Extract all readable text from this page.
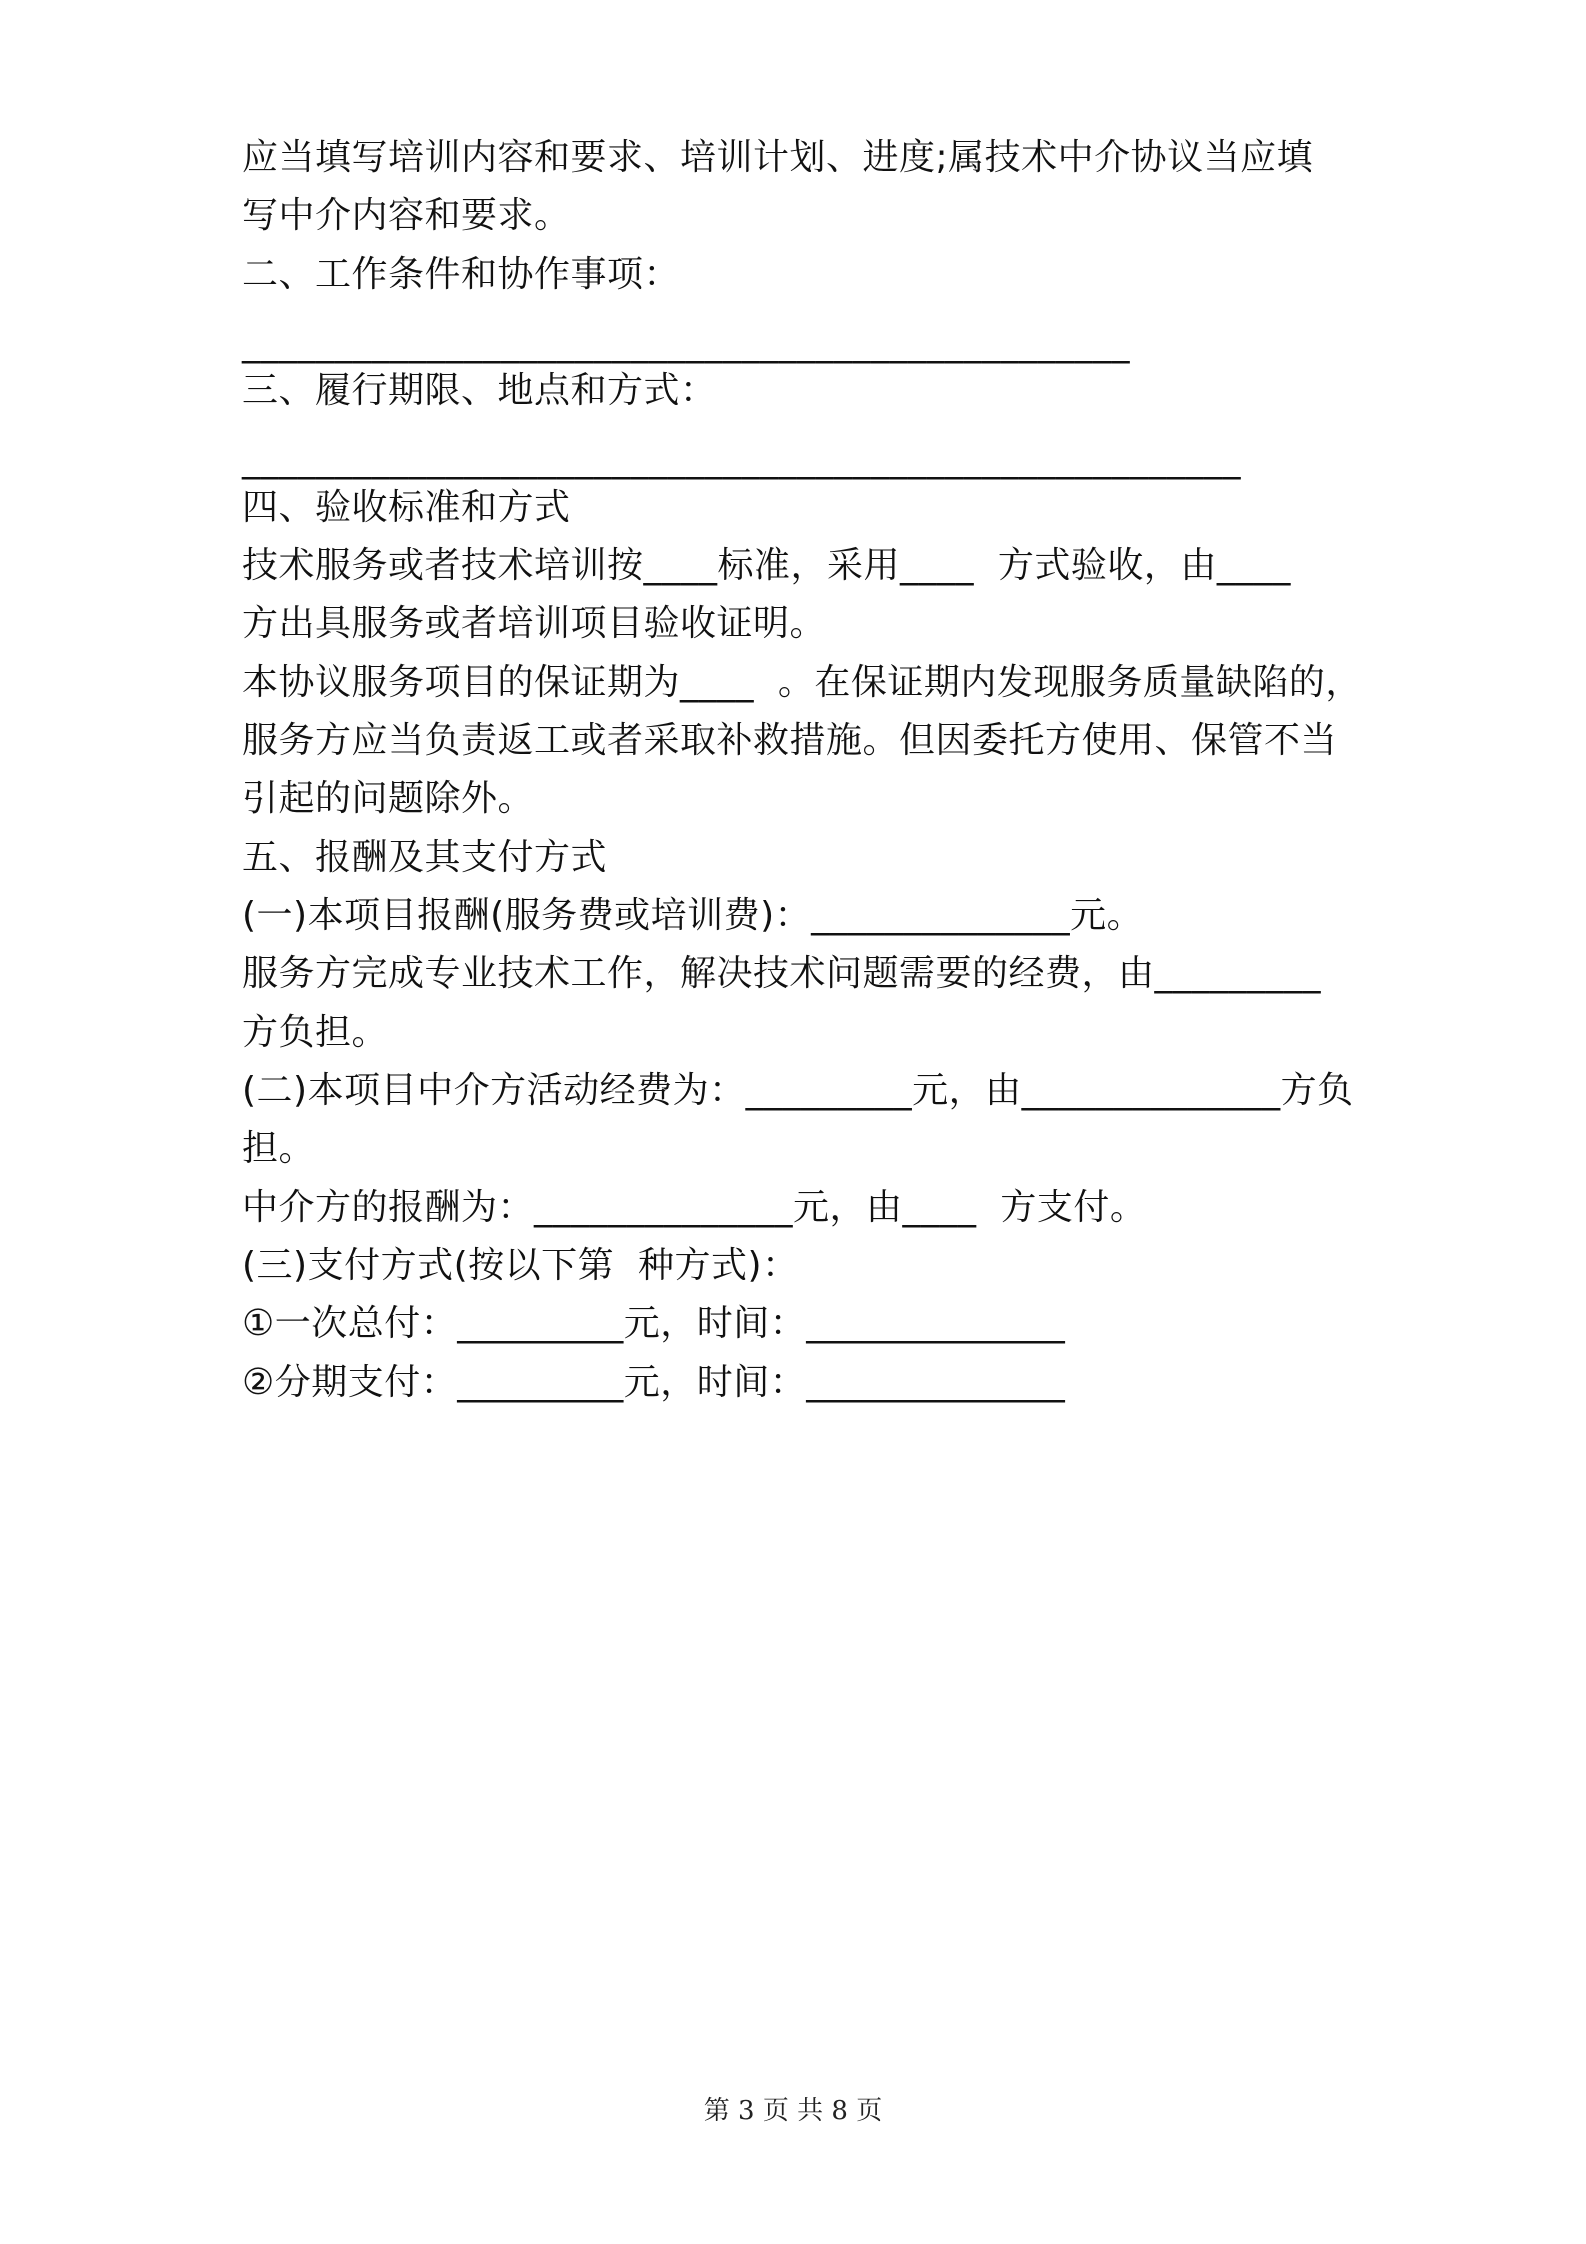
应当填写培训内容和要求、培训计划、进度;属技术中介协议当应填
写中介内容和要求。
二、工作条件和协作事项：
________________________________________________
三、履行期限、地点和方式：
______________________________________________________
四、验收标准和方式
技术服务或者技术培训按____标准，采用____  方式验收，由____
方出具服务或者培训项目验收证明。
本协议服务项目的保证期为____  。在保证期内发现服务质量缺陷的，
服务方应当负责返工或者采取补救措施。但因委托方使用、保管不当
引起的问题除外。
五、报酬及其支付方式
(一)本项目报酬(服务费或培训费)：______________元。
服务方完成专业技术工作，解决技术问题需要的经费，由_________
方负担。
(二)本项目中介方活动经费为：_________元，由______________方负
担。
中介方的报酬为：______________元，由____  方支付。
(三)支付方式(按以下第  种方式)：
①一次总付：_________元，时间：______________
②分期支付：_________元，时间：______________
第 3 页 共 8 页
